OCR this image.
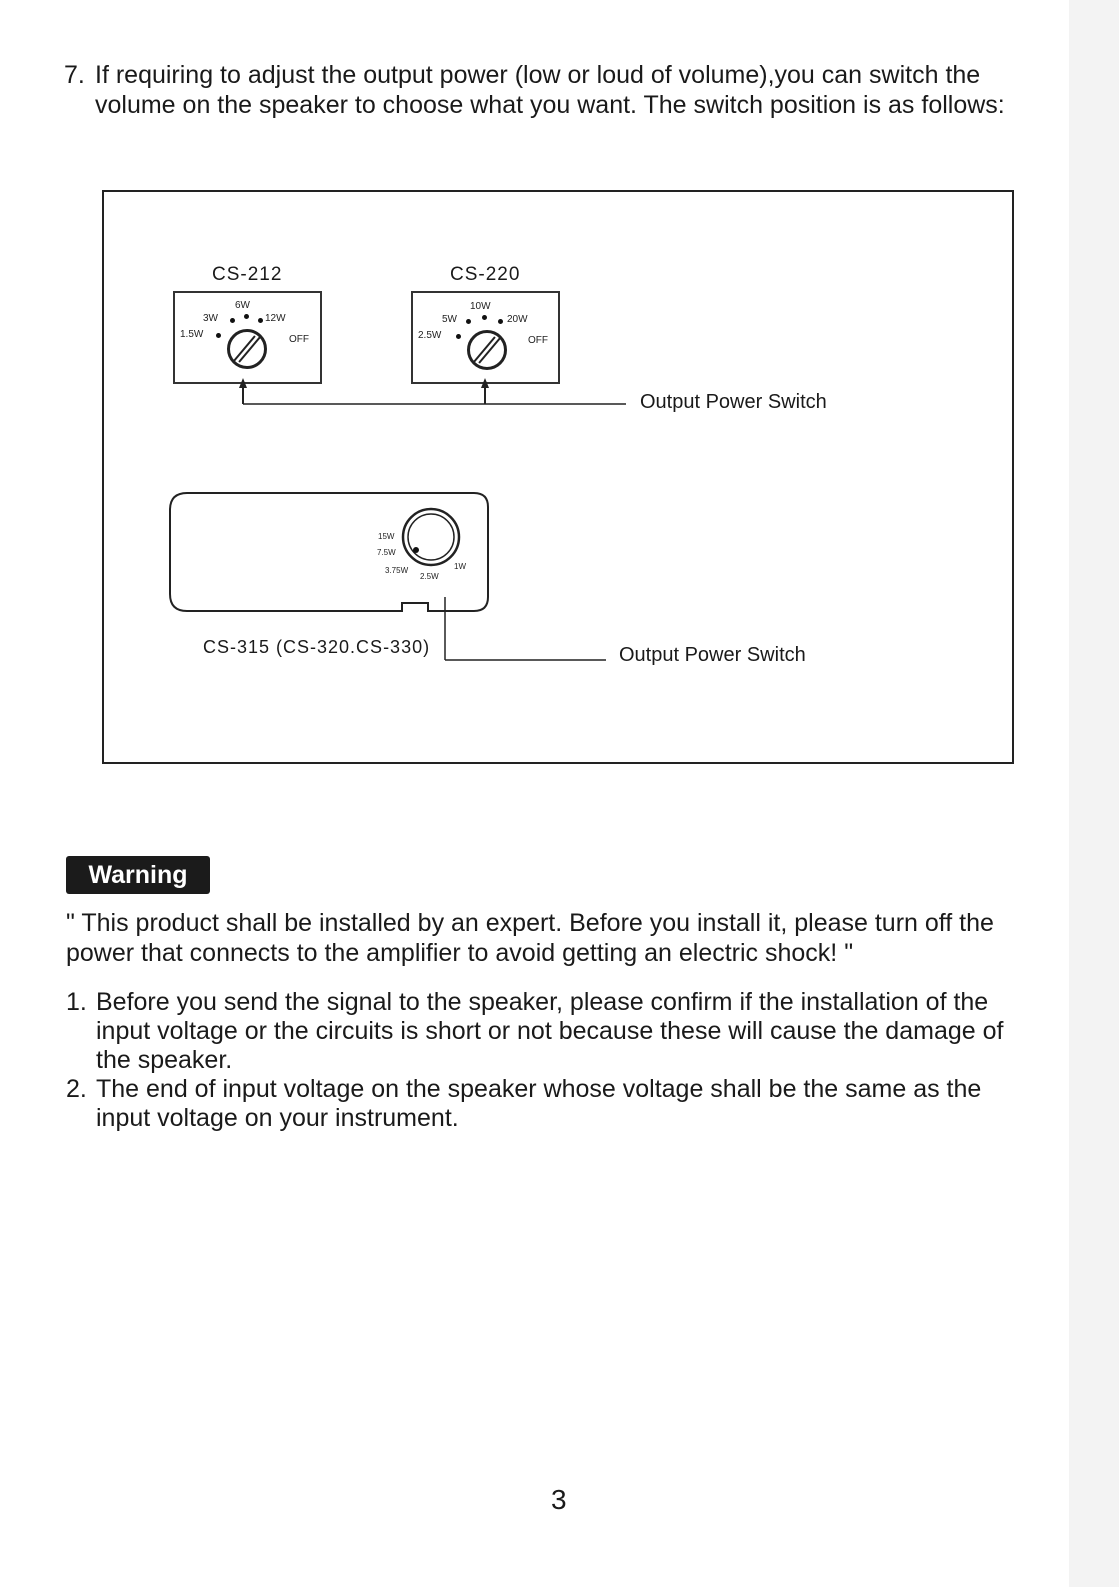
7. If requiring to adjust the output power (low or loud of volume),you can switch the
volume on the speaker to choose what you want. The switch position is as follows:
CS-212
6W
3W	12W
1.5W	OFF
CS-220
10W
5W	20W
2.5W	OFF
15W
7.5W
3.75W
2.5W
1W
CS-315 (CS-320.CS-330)
Output Power Switch
Output Power Switch
Warning
" This product shall be installed by an expert. Before you install it, please turn off the
power that connects to the amplifier to avoid getting an electric shock! "
1. Before you send the signal to the speaker, please confirm if the installation of the
input voltage or the circuits is short or not because these will cause the damage of
the speaker.
2. The end of input voltage on the speaker whose voltage shall be the same as the
input voltage on your instrument.
3
